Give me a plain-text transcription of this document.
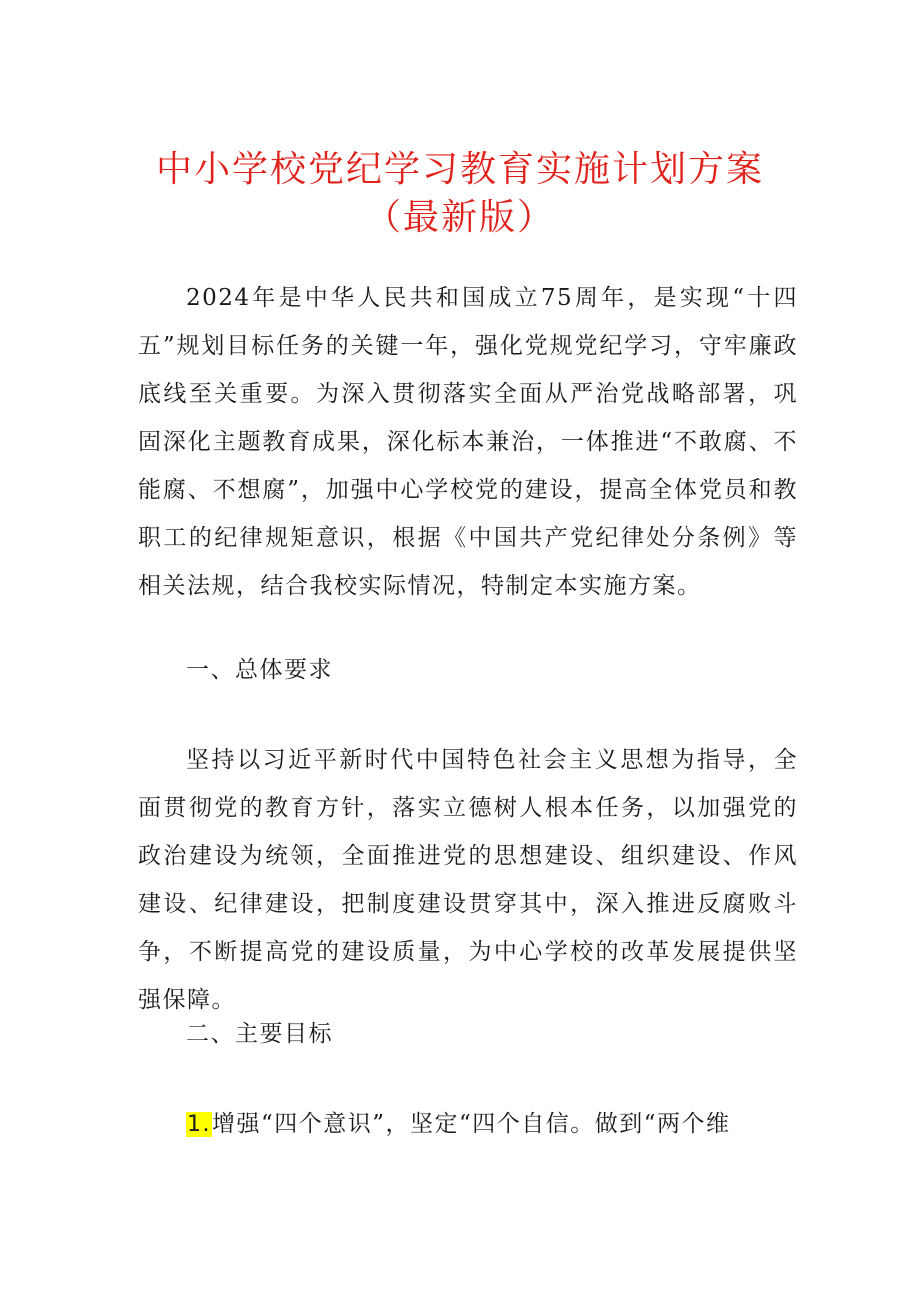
中小学校党纪学习教育实施计划方案
（最新版）

2024年是中华人民共和国成立75周年，是实现“十四五”规划目标任务的关键一年，强化党规党纪学习，守牢廉政底线至关重要。为深入贯彻落实全面从严治党战略部署，巩固深化主题教育成果，深化标本兼治，一体推进“不敢腐、不能腐、不想腐”，加强中心学校党的建设，提高全体党员和教职工的纪律规矩意识，根据《中国共产党纪律处分条例》等相关法规，结合我校实际情况，特制定本实施方案。

一、总体要求

坚持以习近平新时代中国特色社会主义思想为指导，全面贯彻党的教育方针，落实立德树人根本任务，以加强党的政治建设为统领，全面推进党的思想建设、组织建设、作风建设、纪律建设，把制度建设贯穿其中，深入推进反腐败斗争，不断提高党的建设质量，为中心学校的改革发展提供坚强保障。

二、主要目标

1.增强“四个意识”，坚定“四个自信。做到“两个维
